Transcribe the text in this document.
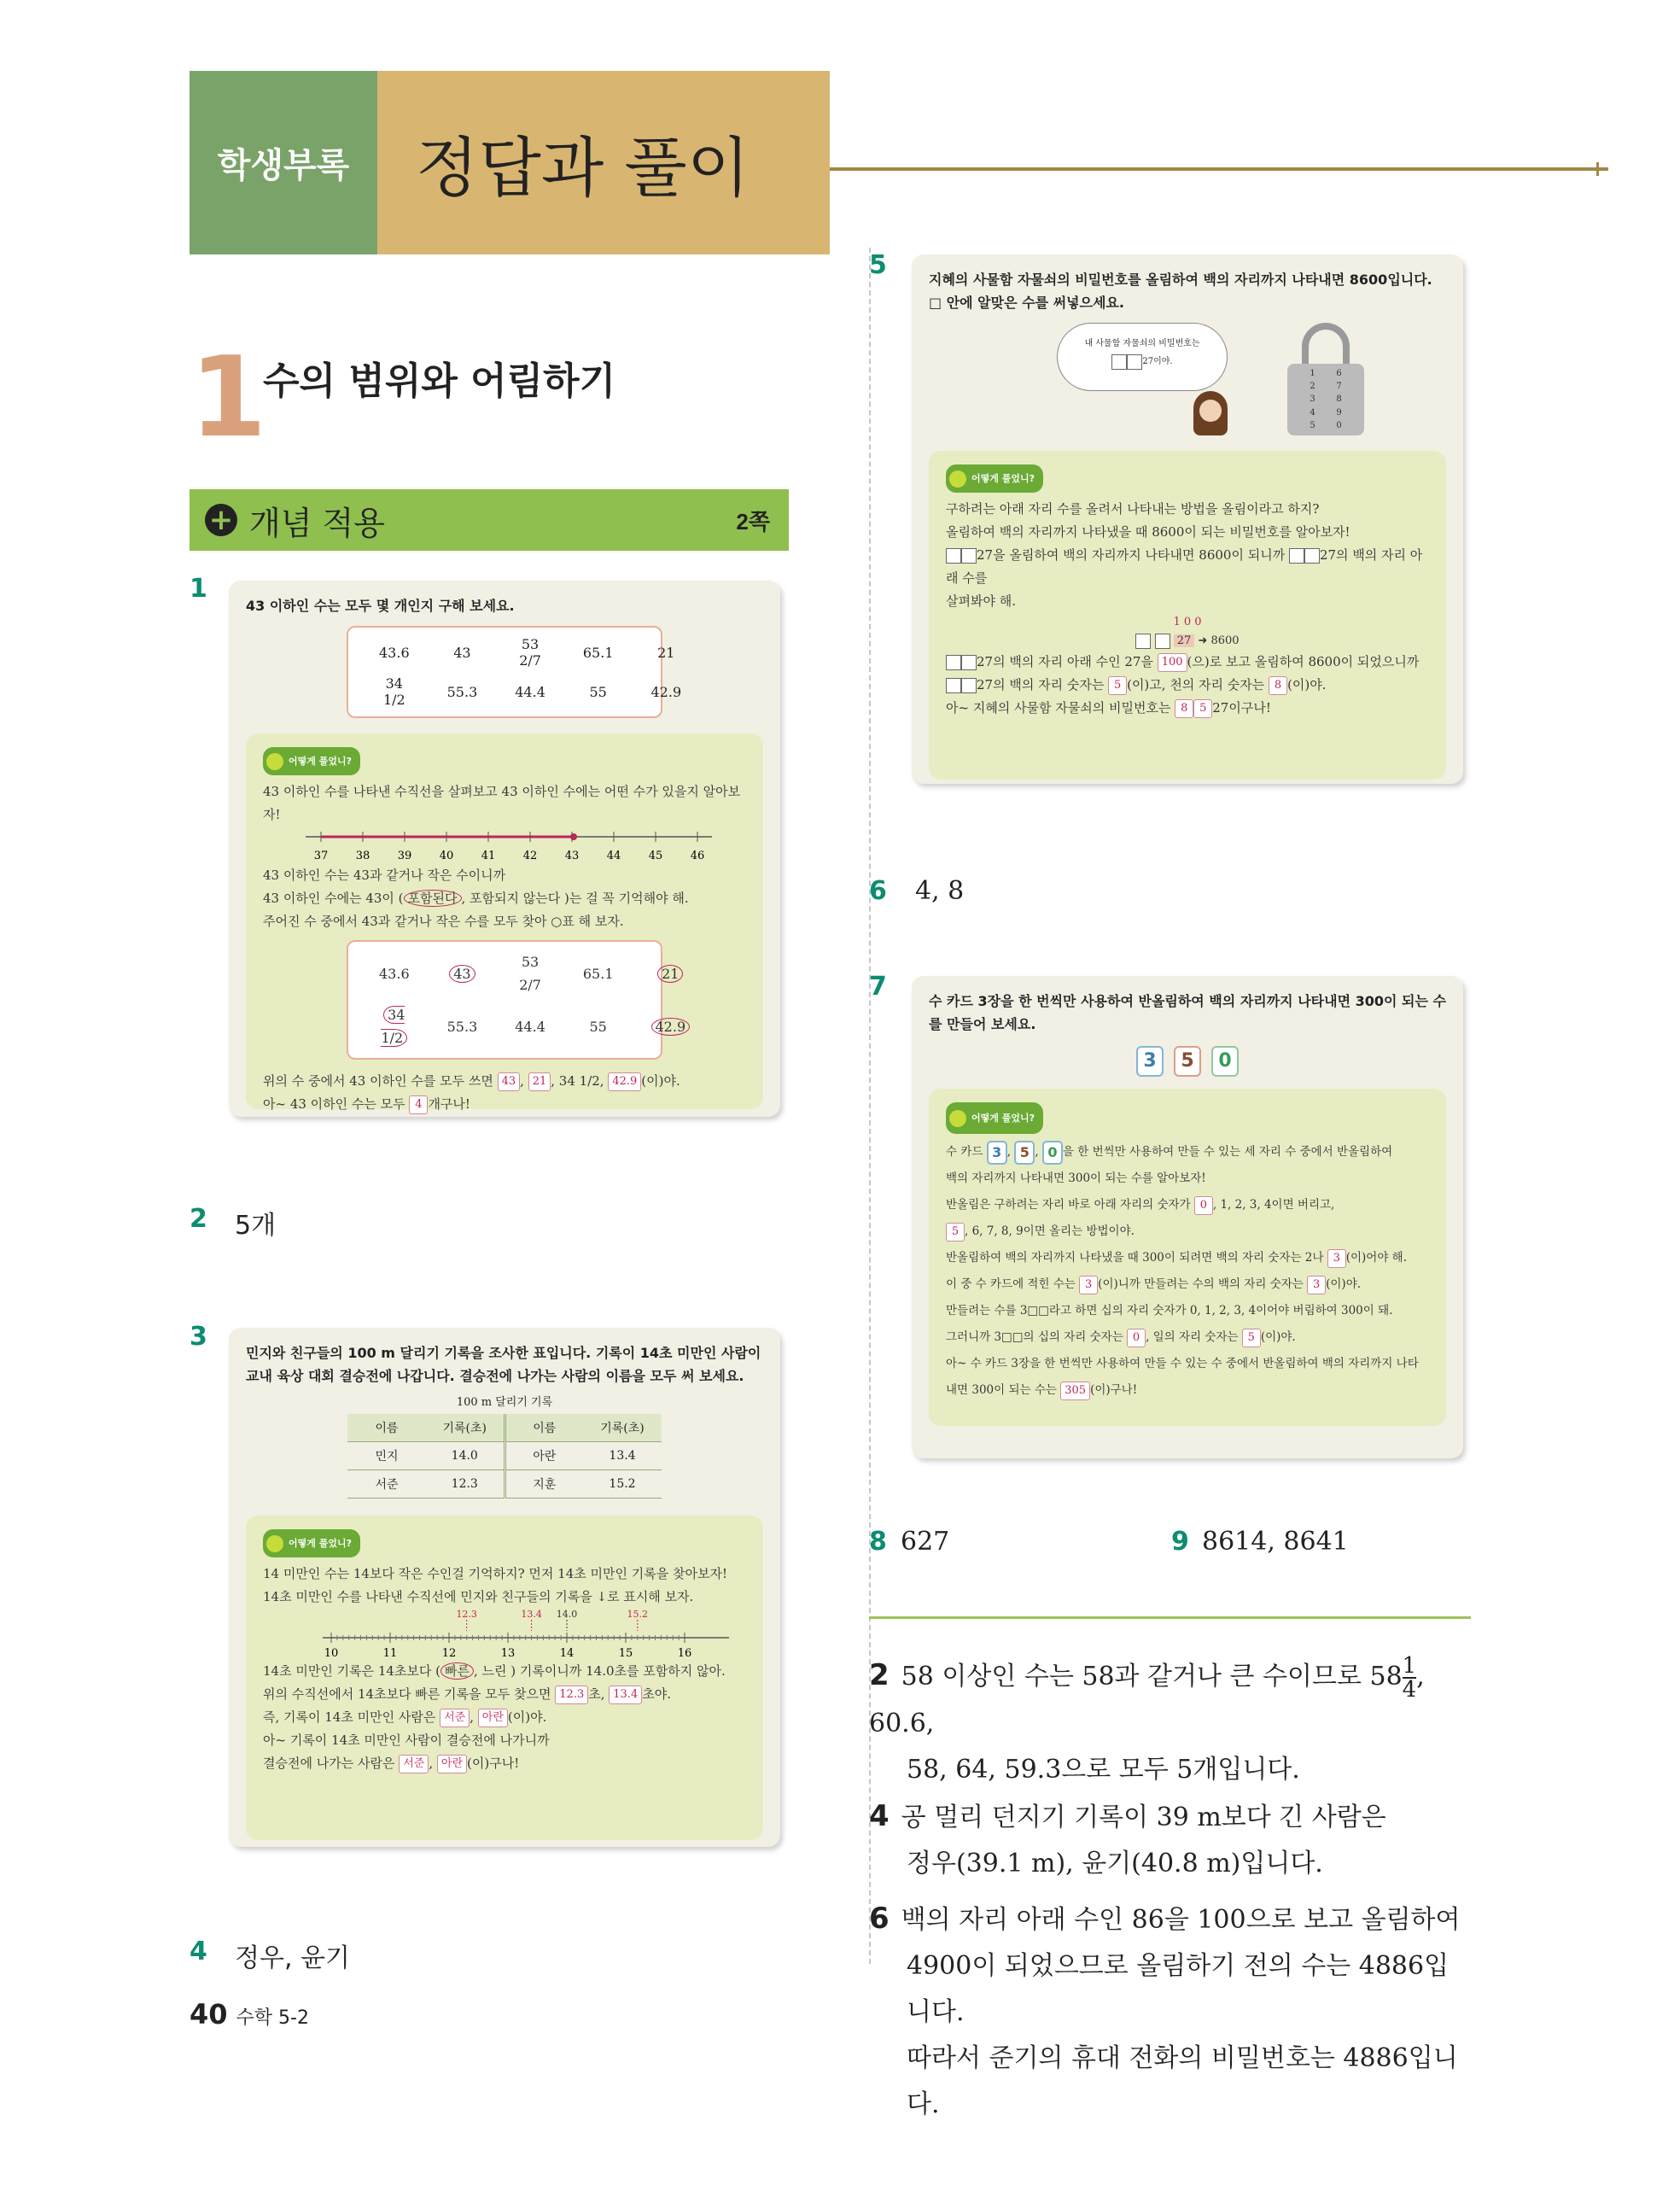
학생부록	정답과 풀이
1
수의 범위와 어림하기
+ 개념 적용	2쪽
1
43 이하인 수는 모두 몇 개인지 구해 보세요.
43.6	43	53 2/7	65.1	21
34 1/2	55.3	44.4	55	42.9
어떻게 풀었니?
43 이하인 수를 나타낸 수직선을 살펴보고 43 이하인 수에는 어떤 수가 있을지 알아보자!
37 38 39 40 41 42 43 44 45 46
43 이하인 수는 43과 같거나 작은 수이니까
43 이하인 수에는 43이 ( 포함된다 , 포함되지 않는다 )는 걸 꼭 기억해야 해.
주어진 수 중에서 43과 같거나 작은 수를 모두 찾아 ○표 해 보자.
43.6	43	53 2/7	65.1	21
34 1/2	55.3	44.4	55	42.9
위의 수 중에서 43 이하인 수를 모두 쓰면 43 , 21 , 34 1/2, 42.9 (이)야.
아~ 43 이하인 수는 모두 4 개구나!
2 5개
3
민지와 친구들의 100 m 달리기 기록을 조사한 표입니다. 기록이 14초 미만인 사람이 교내 육상 대회 결승전에 나갑니다. 결승전에 나가는 사람의 이름을 모두 써 보세요.
100 m 달리기 기록
이름	기록(초)	이름	기록(초)
민지	14.0	아란	13.4
서준	12.3	지훈	15.2
어떻게 풀었니?
14 미만인 수는 14보다 작은 수인걸 기억하지? 먼저 14초 미만인 기록을 찾아보자!
14초 미만인 수를 나타낸 수직선에 민지와 친구들의 기록을 ↓로 표시해 보자.
10	11	12	13	14	15	16
12.3	13.4 14.0	15.2
14초 미만인 기록은 14초보다 ( 빠른 , 느린 ) 기록이니까 14.0초를 포함하지 않아.
위의 수직선에서 14초보다 빠른 기록을 모두 찾으면 12.3 초, 13.4 초야.
즉, 기록이 14초 미만인 사람은 서준 , 아란 (이)야.
아~ 기록이 14초 미만인 사람이 결승전에 나가니까
결승전에 나가는 사람은 서준 , 아란 (이)구나!
4 정우, 윤기
5	지혜의 사물함 자물쇠의 비밀번호를 올림하여 백의 자리까지 나타내면 8600입니다. □ 안에 알맞은 수를 써넣으세요.
내 사물함 자물쇠의 비밀번호는
27이야.
1	6
2	7
3	8
4	9
5	0
어떻게 풀었니?
구하려는 아래 자리 수를 올려서 나타내는 방법을 올림이라고 하지?
올림하여 백의 자리까지 나타냈을 때 8600이 되는 비밀번호를 알아보자!
27을 올림하여 백의 자리까지 나타내면 8600이 되니까	27의 백의 자리 아래 수를
살펴봐야 해.
1 0 0
27 ➜ 8600
27의 백의 자리 아래 수인 27을 100 (으)로 보고 올림하여 8600이 되었으니까
27의 백의 자리 숫자는 5 (이)고, 천의 자리 숫자는 8 (이)야.
아~ 지혜의 사물함 자물쇠의 비밀번호는 8 5 27이구나!
6 4, 8
7	수 카드 3장을 한 번씩만 사용하여 반올림하여 백의 자리까지 나타내면 300이 되는 수를 만들어 보세요.
3 5 0
어떻게 풀었니?
수 카드 3 , 5 , 0 을 한 번씩만 사용하여 만들 수 있는 세 자리 수 중에서 반올림하여
백의 자리까지 나타내면 300이 되는 수를 알아보자!
반올림은 구하려는 자리 바로 아래 자리의 숫자가 0 , 1, 2, 3, 4이면 버리고,
5 , 6, 7, 8, 9이면 올리는 방법이야.
반올림하여 백의 자리까지 나타냈을 때 300이 되려면 백의 자리 숫자는 2나 3 (이)어야 해.
이 중 수 카드에 적힌 수는 3 (이)니까 만들려는 수의 백의 자리 숫자는 3 (이)야.
만들려는 수를 3□□라고 하면 십의 자리 숫자가 0, 1, 2, 3, 4이어야 버림하여 300이 돼.
그러니까 3□□의 십의 자리 숫자는 0 , 일의 자리 숫자는 5 (이)야.
아~ 수 카드 3장을 한 번씩만 사용하여 만들 수 있는 수 중에서 반올림하여 백의 자리까지 나타
내면 300이 되는 수는 305 (이)구나!
8 627	9 8614, 8641
2 58 이상인 수는 58과 같거나 큰 수이므로 $58 \frac{1}{4}$ , 60.6,
58, 64, 59.3으로 모두 5개입니다.
4 공 멀리 던지기 기록이 39 m보다 긴 사람은
정우(39.1 m), 윤기(40.8 m)입니다.
6 백의 자리 아래 수인 86을 100으로 보고 올림하여
4900이 되었으므로 올림하기 전의 수는 4886입니다.
따라서 준기의 휴대 전화의 비밀번호는 4886입니다.
40 수학 5-2
